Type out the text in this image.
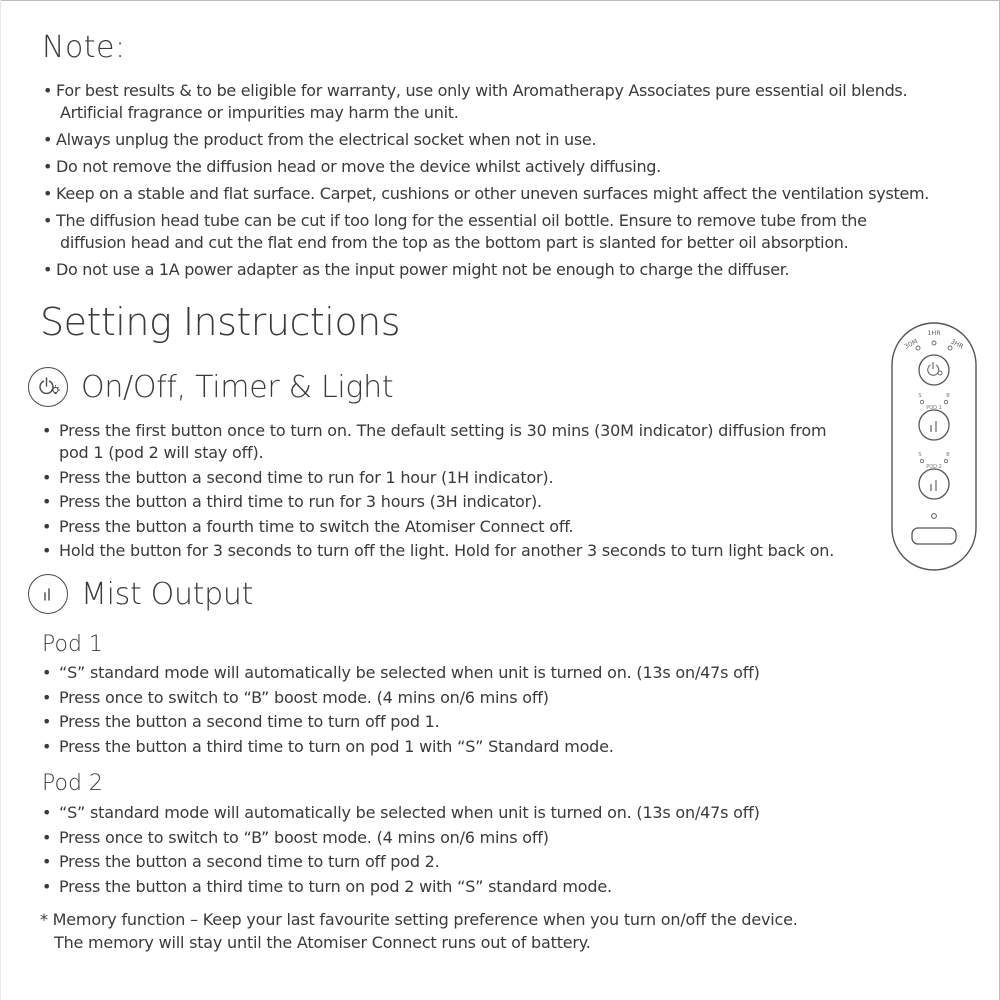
Note:
• For best results & to be eligible for warranty, use only with Aromatherapy Associates pure essential oil blends.
Artificial fragrance or impurities may harm the unit.
• Always unplug the product from the electrical socket when not in use.
• Do not remove the diffusion head or move the device whilst actively diffusing.
• Keep on a stable and flat surface. Carpet, cushions or other uneven surfaces might affect the ventilation system.
• The diffusion head tube can be cut if too long for the essential oil bottle. Ensure to remove tube from the
diffusion head and cut the flat end from the top as the bottom part is slanted for better oil absorption.
• Do not use a 1A power adapter as the input power might not be enough to charge the diffuser.
Setting Instructions
On/Off, Timer & Light
• Press the first button once to turn on. The default setting is 30 mins (30M indicator) diffusion from
pod 1 (pod 2 will stay off).
• Press the button a second time to run for 1 hour (1H indicator).
• Press the button a third time to run for 3 hours (3H indicator).
• Press the button a fourth time to switch the Atomiser Connect off.
• Hold the button for 3 seconds to turn off the light. Hold for another 3 seconds to turn light back on.
Mist Output
Pod 1
• “S” standard mode will automatically be selected when unit is turned on. (13s on/47s off)
• Press once to switch to “B” boost mode. (4 mins on/6 mins off)
• Press the button a second time to turn off pod 1.
• Press the button a third time to turn on pod 1 with “S” Standard mode.
Pod 2
• “S” standard mode will automatically be selected when unit is turned on. (13s on/47s off)
• Press once to switch to “B” boost mode. (4 mins on/6 mins off)
• Press the button a second time to turn off pod 2.
• Press the button a third time to turn on pod 2 with “S” standard mode.

* Memory function – Keep your last favourite setting preference when you turn on/off the device.
The memory will stay until the Atomiser Connect runs out of battery.

30M
1HR
3HR
S	B
POD 1
S	B
POD 2
